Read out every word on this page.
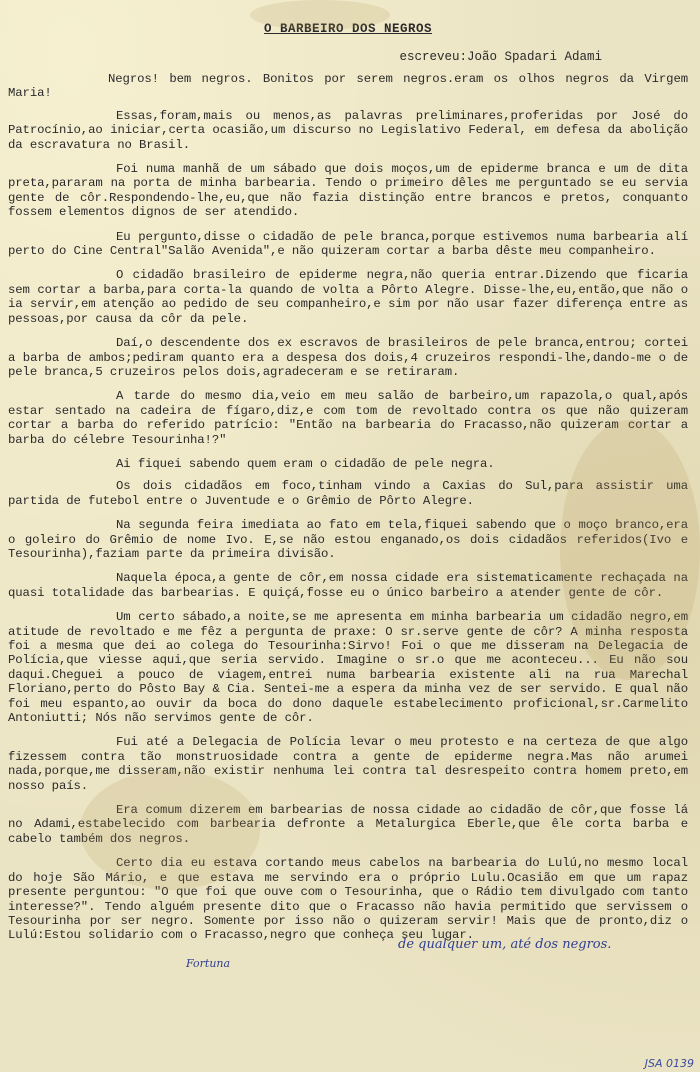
O BARBEIRO DOS NEGROS
escreveu:João Spadari Adami

Negros! bem negros. Bonitos por serem negros.eram os olhos negros da Virgem Maria!

Essas,foram,mais ou menos,as palavras preliminares,proferidas por José do Patrocínio,ao iniciar,certa ocasião,um discurso no Legislativo Federal, em defesa da abolição da escravatura no Brasil.

Foi numa manhã de um sábado que dois moços,um de epiderme branca e um de dita preta,pararam na porta de minha barbearia. Tendo o primeiro dêles me perguntado se eu servia gente de côr.Respondendo-lhe,eu,que não fazia distinção entre brancos e pretos, conquanto fossem elementos dignos de ser atendido.

Eu pergunto,disse o cidadão de pele branca,porque estivemos numa barbearia alí perto do Cine Central"Salão Avenida",e não quizeram cortar a barba dêste meu companheiro.

O cidadão brasileiro de epiderme negra,não queria entrar.Dizendo que ficaria sem cortar a barba,para corta-la quando de volta a Pôrto Alegre. Disse-lhe,eu,então,que não o ia servir,em atenção ao pedido de seu companheiro,e sim por não usar fazer diferença entre as pessoas,por causa da côr da pele.

Daí,o descendente dos ex escravos de brasileiros de pele branca,entrou; cortei a barba de ambos;pediram quanto era a despesa dos dois,4 cruzeiros respondi-lhe,dando-me o de pele branca,5 cruzeiros pelos dois,agradeceram e se retiraram.

A tarde do mesmo dia,veio em meu salão de barbeiro,um rapazola,o qual,após estar sentado na cadeira de fígaro,diz,e com tom de revoltado contra os que não quizeram cortar a barba do referido patrício: "Então na barbearia do Fracasso,não quizeram cortar a barba do célebre Tesourinha!?"

Ai fiquei sabendo quem eram o cidadão de pele negra.

Os dois cidadãos em foco,tinham vindo a Caxias do Sul,para assistir uma partida de futebol entre o Juventude e o Grêmio de Pôrto Alegre.

Na segunda feira imediata ao fato em tela,fiquei sabendo que o moço branco,era o goleiro do Grêmio de nome Ivo. E,se não estou enganado,os dois cidadãos referidos(Ivo e Tesourinha),faziam parte da primeira divisão.

Naquela época,a gente de côr,em nossa cidade era sistematicamente rechaçada na quasi totalidade das barbearias. E quiçá,fosse eu o único barbeiro a atender gente de côr.

Um certo sábado,a noite,se me apresenta em minha barbearia um cidadão negro,em atitude de revoltado e me fêz a pergunta de praxe: O sr.serve gente de côr? A minha resposta foi a mesma que dei ao colega do Tesourinha:Sirvo! Foi o que me disseram na Delegacia de Polícia,que viesse aqui,que seria servido. Imagine o sr.o que me aconteceu... Eu não sou daqui.Cheguei a pouco de viagem,entrei numa barbearia existente ali na rua Marechal Floriano,perto do Pôsto Bay & Cia. Sentei-me a espera da minha vez de ser servido. E qual não foi meu espanto,ao ouvir da boca do dono daquele estabelecimento proficional,sr.Carmelito Antoniutti; Nós não servimos gente de côr.

Fui até a Delegacia de Polícia levar o meu protesto e na certeza de que algo fizessem contra tão monstruosidade contra a gente de epiderme negra.Mas não arumei nada,porque,me disseram,não existir nenhuma lei contra tal desrespeito contra homem preto,em nosso país.

Era comum dizerem em barbearias de nossa cidade ao cidadão de côr,que fosse lá no Adami,estabelecido com barbearia defronte a Metalurgica Eberle,que êle corta barba e cabelo também dos negros.

Certo dia eu estava cortando meus cabelos na barbearia do Lulú,no mesmo local do hoje São Mário, e que estava me servindo era o próprio Lulu.Ocasião em que um rapaz presente perguntou: "O que foi que ouve com o Tesourinha, que o Rádio tem divulgado com tanto interesse?". Tendo alguém presente dito que o Fracasso não havia permitido que servissem o Tesourinha por ser negro. Somente por isso não o quizeram servir! Mais que de pronto,diz o Lulú:Estou solidario com o Fracasso,negro que conheça seu lugar.

de qualquer um, até dos negros.
Fortuna
JSA 0139
